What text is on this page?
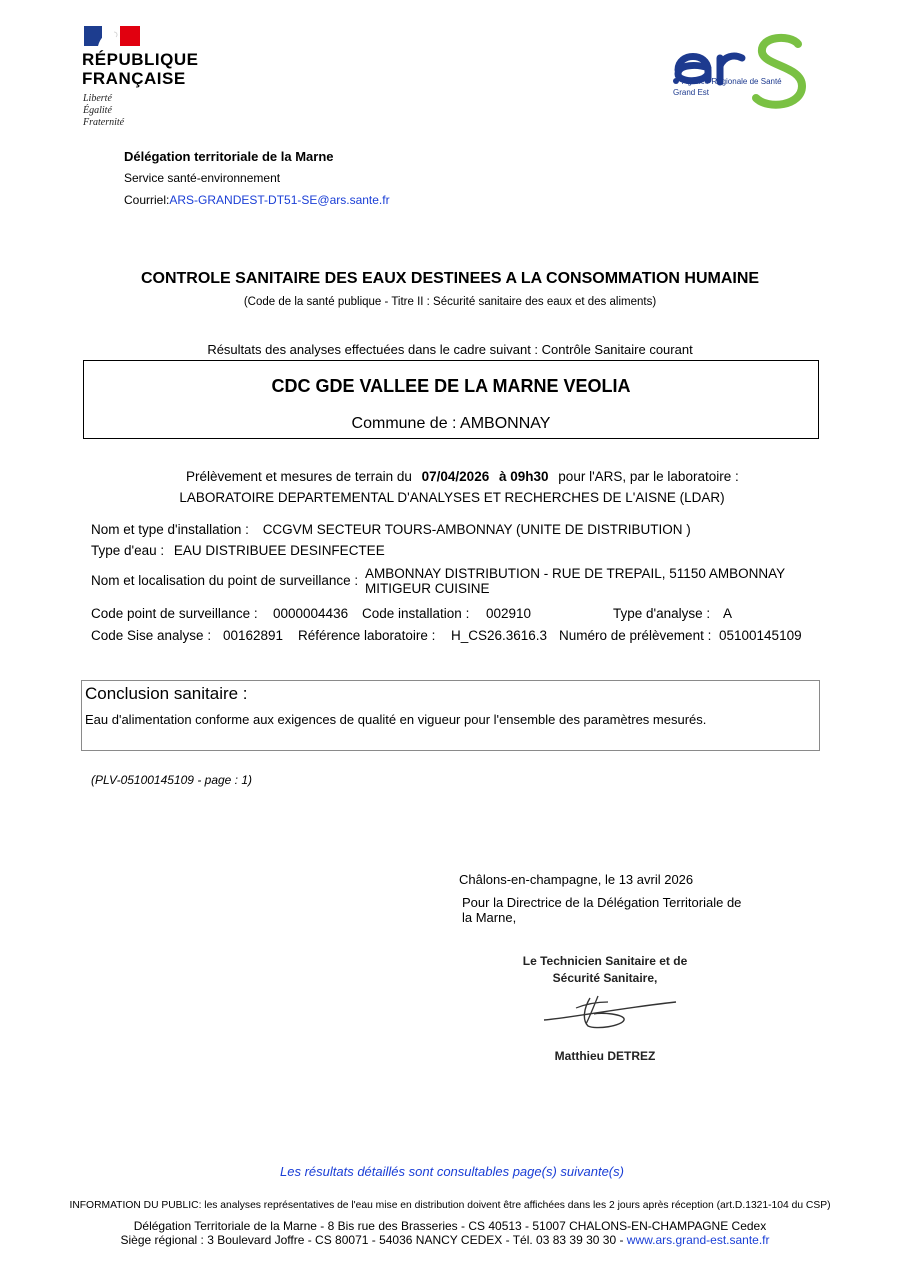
RÉPUBLIQUE
FRANÇAISE
Liberté
Égalité
Fraternité
Agence Régionale de Santé
Grand Est
Délégation territoriale de la Marne
Service santé-environnement
Courriel:ARS-GRANDEST-DT51-SE@ars.sante.fr
CONTROLE SANITAIRE DES EAUX DESTINEES A LA CONSOMMATION HUMAINE
(Code de la santé publique - Titre II : Sécurité sanitaire des eaux et des aliments)
Résultats des analyses effectuées dans le cadre suivant : Contrôle Sanitaire courant
CDC GDE VALLEE DE LA MARNE VEOLIA
Commune de : AMBONNAY
Prélèvement et mesures de terrain du 07/04/2026 à 09h30 pour l'ARS, par le laboratoire :
LABORATOIRE DEPARTEMENTAL D'ANALYSES ET RECHERCHES DE L'AISNE (LDAR)
Nom et type d'installation : CCGVM SECTEUR TOURS-AMBONNAY (UNITE DE DISTRIBUTION )
Type d'eau : EAU DISTRIBUEE DESINFECTEE
Nom et localisation du point de surveillance : AMBONNAY DISTRIBUTION - RUE DE TREPAIL, 51150 AMBONNAY
MITIGEUR CUISINE
Code point de surveillance : 0000004436 Code installation : 002910	Type d'analyse : A
Code Sise analyse : 00162891 Référence laboratoire : H_CS26.3616.3 Numéro de prélèvement : 05100145109
Conclusion sanitaire :
Eau d'alimentation conforme aux exigences de qualité en vigueur pour l'ensemble des paramètres mesurés.
(PLV-05100145109 - page : 1)
Châlons-en-champagne, le 13 avril 2026
Pour la Directrice de la Délégation Territoriale de
la Marne,
Le Technicien Sanitaire et de
Sécurité Sanitaire,
Matthieu DETREZ
Les résultats détaillés sont consultables page(s) suivante(s)
INFORMATION DU PUBLIC: les analyses représentatives de l'eau mise en distribution doivent être affichées dans les 2 jours après réception (art.D.1321-104 du CSP)
Délégation Territoriale de la Marne - 8 Bis rue des Brasseries - CS 40513 - 51007 CHALONS-EN-CHAMPAGNE Cedex
Siège régional : 3 Boulevard Joffre - CS 80071 - 54036 NANCY CEDEX - Tél. 03 83 39 30 30 - www.ars.grand-est.sante.fr
